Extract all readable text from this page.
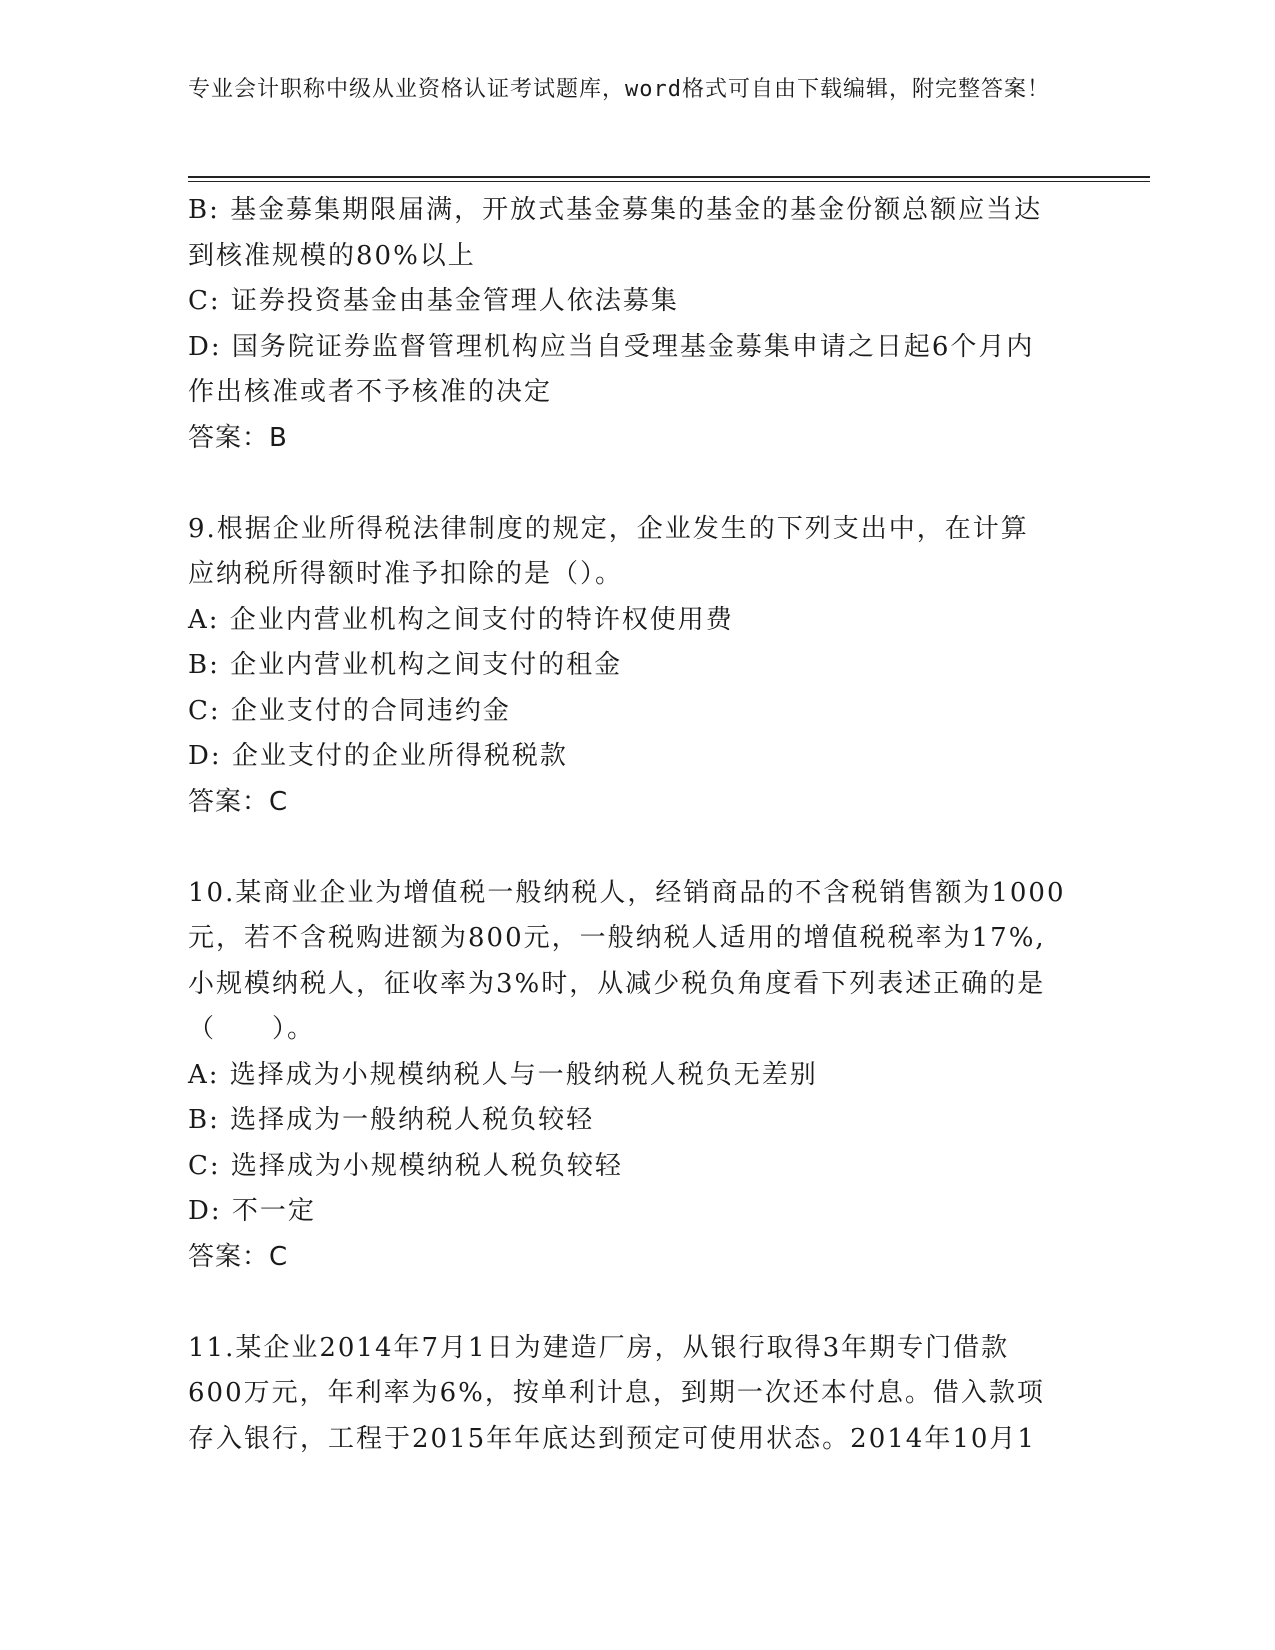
专业会计职称中级从业资格认证考试题库，word格式可自由下载编辑，附完整答案！

B: 基金募集期限届满，开放式基金募集的基金的基金份额总额应当达

到核准规模的80%以上

C: 证券投资基金由基金管理人依法募集

D: 国务院证券监督管理机构应当自受理基金募集申请之日起6个月内

作出核准或者不予核准的决定

答案：B

9.根据企业所得税法律制度的规定，企业发生的下列支出中，在计算

应纳税所得额时准予扣除的是（）。

A: 企业内营业机构之间支付的特许权使用费

B: 企业内营业机构之间支付的租金

C: 企业支付的合同违约金

D: 企业支付的企业所得税税款

答案：C

10.某商业企业为增值税一般纳税人，经销商品的不含税销售额为1000

元，若不含税购进额为800元，一般纳税人适用的增值税税率为17%,

小规模纳税人，征收率为3%时，从减少税负角度看下列表述正确的是

（　　）。

A: 选择成为小规模纳税人与一般纳税人税负无差别

B: 选择成为一般纳税人税负较轻

C: 选择成为小规模纳税人税负较轻

D: 不一定

答案：C

11.某企业2014年7月1日为建造厂房，从银行取得3年期专门借款

600万元，年利率为6%，按单利计息，到期一次还本付息。借入款项

存入银行，工程于2015年年底达到预定可使用状态。2014年10月1
